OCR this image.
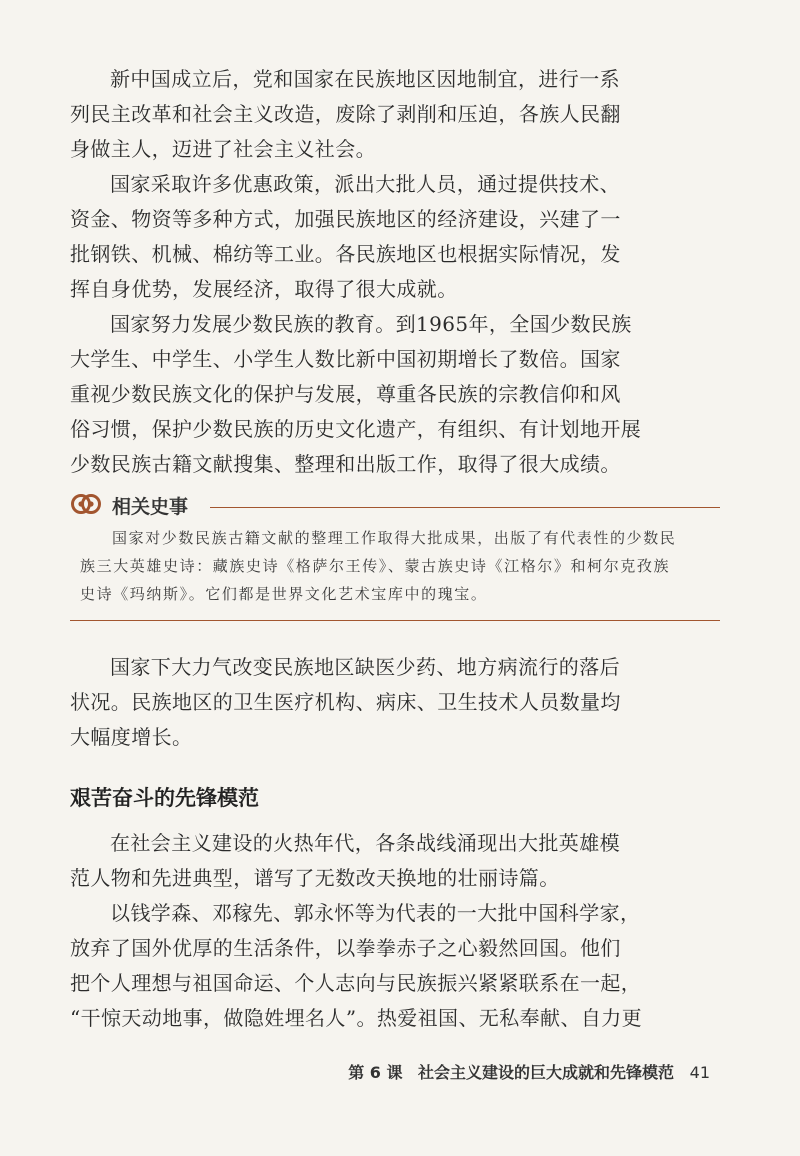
新中国成立后，党和国家在民族地区因地制宜，进行一系
列民主改革和社会主义改造，废除了剥削和压迫，各族人民翻
身做主人，迈进了社会主义社会。
国家采取许多优惠政策，派出大批人员，通过提供技术、
资金、物资等多种方式，加强民族地区的经济建设，兴建了一
批钢铁、机械、棉纺等工业。各民族地区也根据实际情况，发
挥自身优势，发展经济，取得了很大成就。
国家努力发展少数民族的教育。到1965年，全国少数民族
大学生、中学生、小学生人数比新中国初期增长了数倍。国家
重视少数民族文化的保护与发展，尊重各民族的宗教信仰和风
俗习惯，保护少数民族的历史文化遗产，有组织、有计划地开展
少数民族古籍文献搜集、整理和出版工作，取得了很大成绩。
相关史事
国家对少数民族古籍文献的整理工作取得大批成果，出版了有代表性的少数民
族三大英雄史诗：藏族史诗《格萨尔王传》、蒙古族史诗《江格尔》和柯尔克孜族
史诗《玛纳斯》。它们都是世界文化艺术宝库中的瑰宝。
国家下大力气改变民族地区缺医少药、地方病流行的落后
状况。民族地区的卫生医疗机构、病床、卫生技术人员数量均
大幅度增长。
艰苦奋斗的先锋模范
在社会主义建设的火热年代，各条战线涌现出大批英雄模
范人物和先进典型，谱写了无数改天换地的壮丽诗篇。
以钱学森、邓稼先、郭永怀等为代表的一大批中国科学家，
放弃了国外优厚的生活条件，以拳拳赤子之心毅然回国。他们
把个人理想与祖国命运、个人志向与民族振兴紧紧联系在一起，
“干惊天动地事，做隐姓埋名人”。热爱祖国、无私奉献、自力更
第 6 课 社会主义建设的巨大成就和先锋模范 41
